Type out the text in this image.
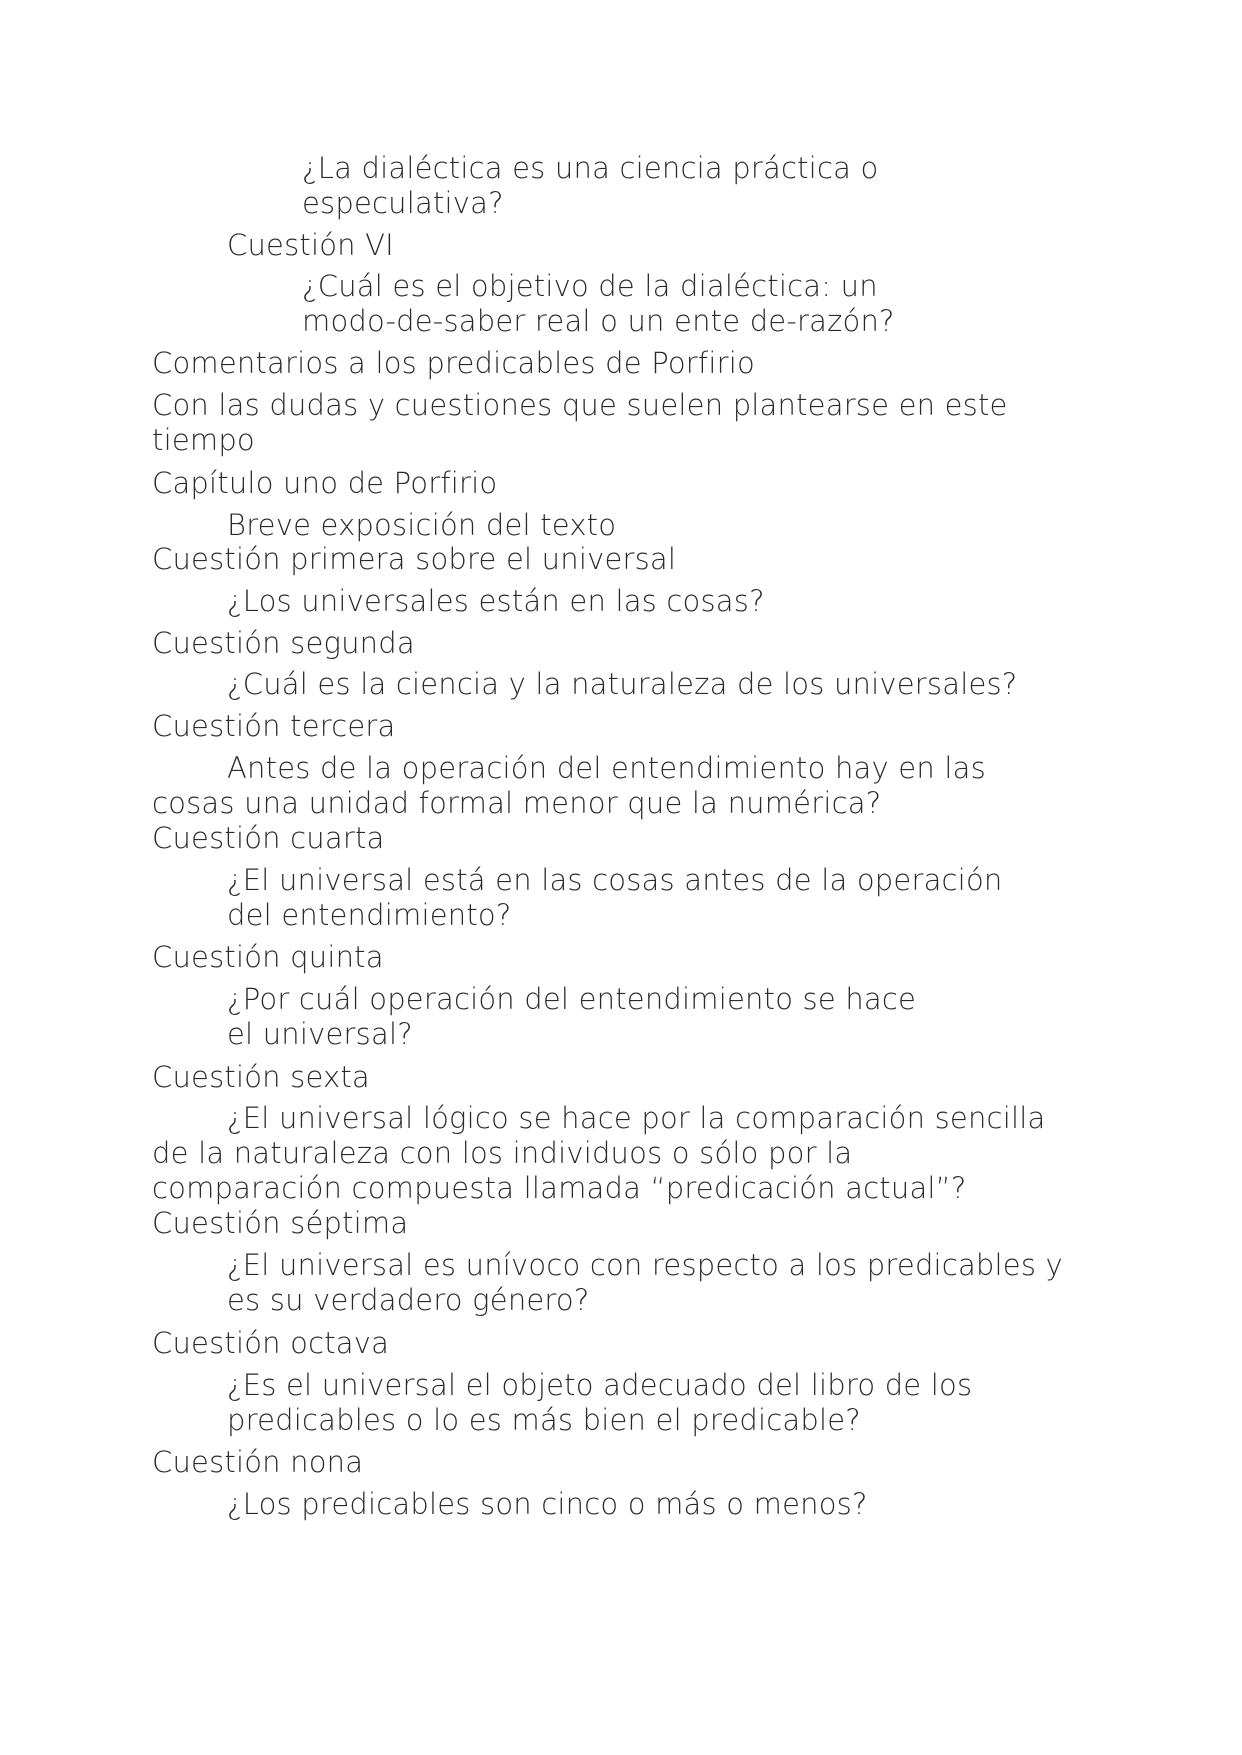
¿La dialéctica es una ciencia práctica o
especulativa?
Cuestión VI
¿Cuál es el objetivo de la dialéctica: un
modo-de-saber real o un ente de-razón?
Comentarios a los predicables de Porfirio
Con las dudas y cuestiones que suelen plantearse en este
tiempo
Capítulo uno de Porfirio
Breve exposición del texto
Cuestión primera sobre el universal
¿Los universales están en las cosas?
Cuestión segunda
¿Cuál es la ciencia y la naturaleza de los universales?
Cuestión tercera
Antes de la operación del entendimiento hay en las
cosas una unidad formal menor que la numérica?
Cuestión cuarta
¿El universal está en las cosas antes de la operación
del entendimiento?
Cuestión quinta
¿Por cuál operación del entendimiento se hace
el universal?
Cuestión sexta
¿El universal lógico se hace por la comparación sencilla
de la naturaleza con los individuos o sólo por la
comparación compuesta llamada “predicación actual”?
Cuestión séptima
¿El universal es unívoco con respecto a los predicables y
es su verdadero género?
Cuestión octava
¿Es el universal el objeto adecuado del libro de los
predicables o lo es más bien el predicable?
Cuestión nona
¿Los predicables son cinco o más o menos?
